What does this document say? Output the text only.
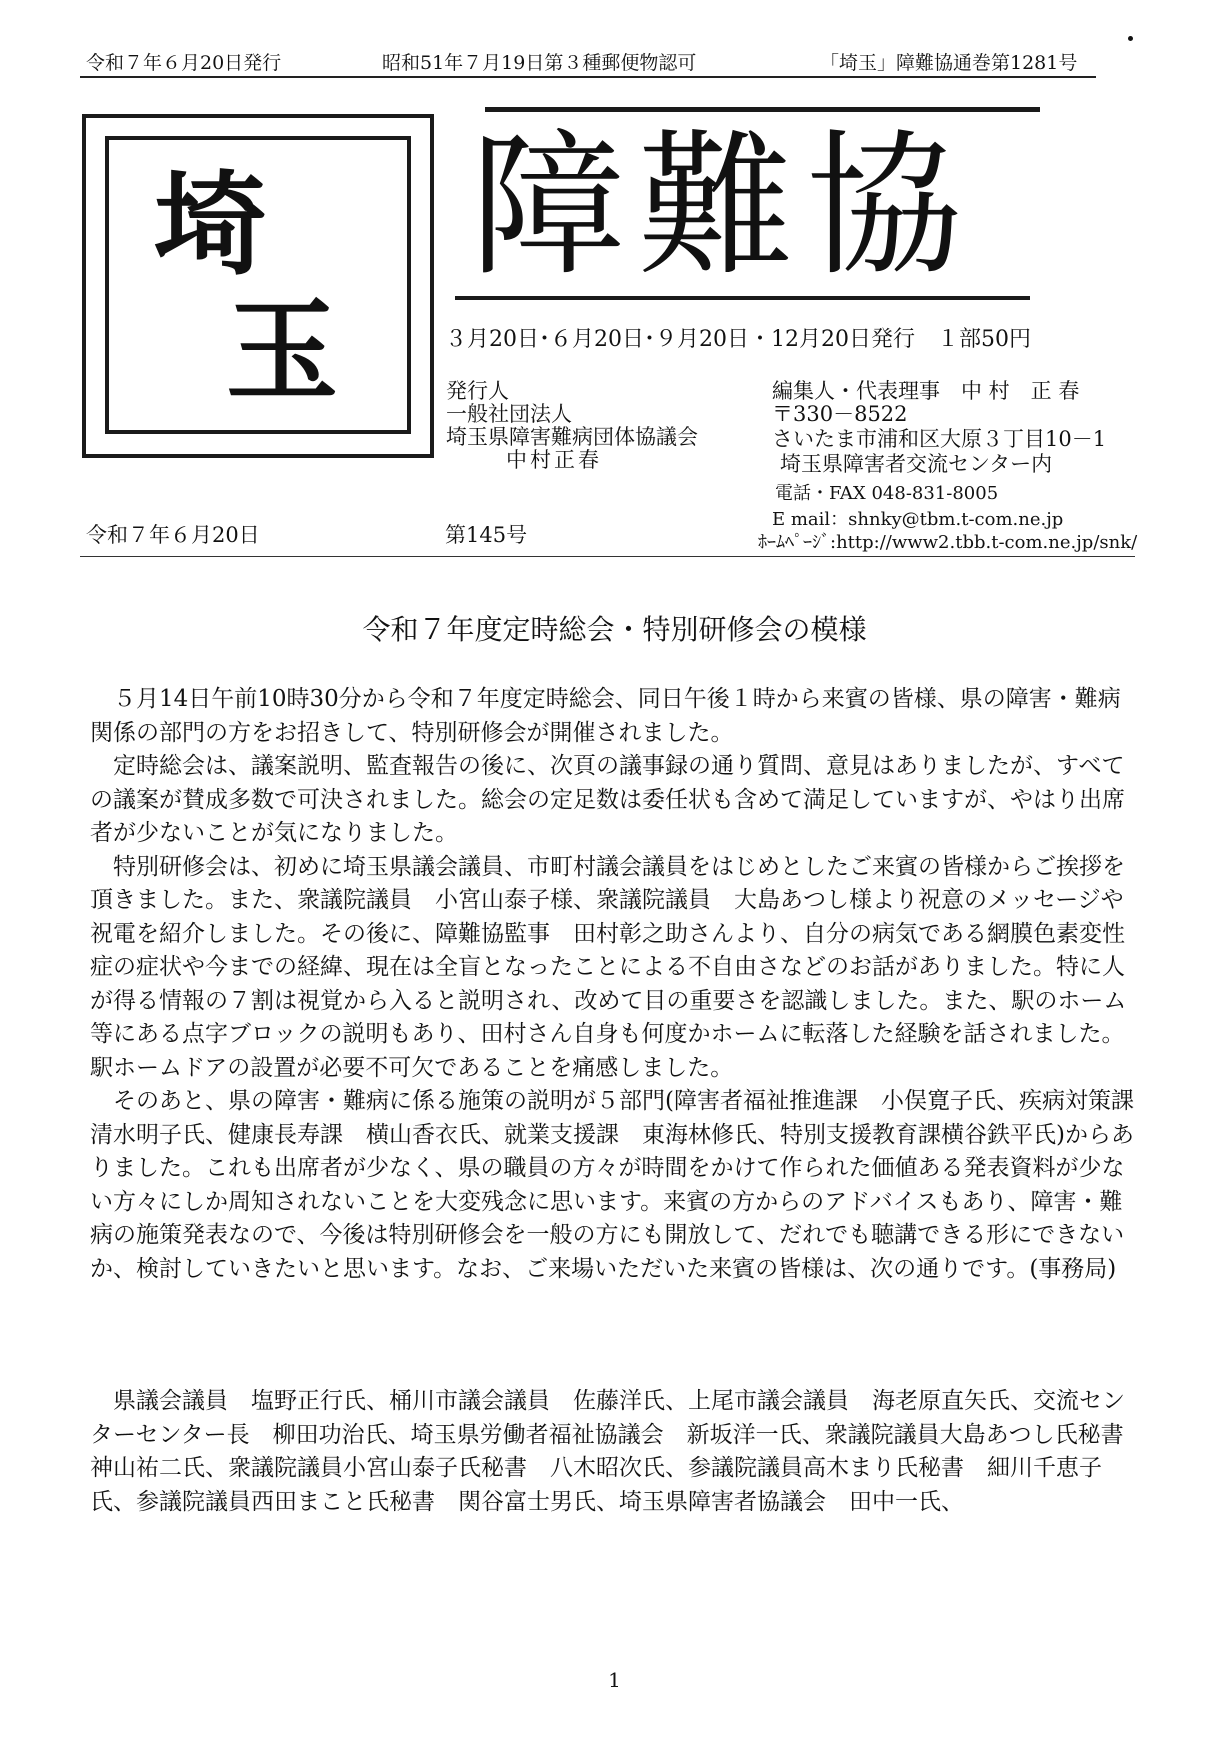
令和７年６月20日発行	昭和51年７月19日第３種郵便物認可	「埼玉」障難協通巻第1281号
埼
玉
障難協
３月20日･６月20日･９月20日・12月20日発行　１部50円
発行人
一般社団法人
埼玉県障害難病団体協議会
中村正春
編集人・代表理事　中 村　正 春
〒330－8522
さいたま市浦和区大原３丁目10－1
埼玉県障害者交流センター内
電話・FAX 048-831-8005
E mail：shnky@tbm.t-com.ne.jp
ﾎｰﾑﾍﾟｰｼﾞ:http://www2.tbb.t-com.ne.jp/snk/
令和７年６月20日	第145号
令和７年度定時総会・特別研修会の模様

５月14日午前10時30分から令和７年度定時総会、同日午後１時から来賓の皆様、県の障害・難病関係の部門の方をお招きして、特別研修会が開催されました。

定時総会は、議案説明、監査報告の後に、次頁の議事録の通り質問、意見はありましたが、すべての議案が賛成多数で可決されました。総会の定足数は委任状も含めて満足していますが、やはり出席者が少ないことが気になりました。

特別研修会は、初めに埼玉県議会議員、市町村議会議員をはじめとしたご来賓の皆様からご挨拶を頂きました。また、衆議院議員　小宮山泰子様、衆議院議員　大島あつし様より祝意のメッセージや祝電を紹介しました。その後に、障難協監事　田村彰之助さんより、自分の病気である網膜色素変性症の症状や今までの経緯、現在は全盲となったことによる不自由さなどのお話がありました。特に人が得る情報の７割は視覚から入ると説明され、改めて目の重要さを認識しました。また、駅のホーム等にある点字ブロックの説明もあり、田村さん自身も何度かホームに転落した経験を話されました。駅ホームドアの設置が必要不可欠であることを痛感しました。

そのあと、県の障害・難病に係る施策の説明が５部門(障害者福祉推進課　小俣寛子氏、疾病対策課　清水明子氏、健康長寿課　横山香衣氏、就業支援課　東海林修氏、特別支援教育課横谷鉄平氏)からありました。これも出席者が少なく、県の職員の方々が時間をかけて作られた価値ある発表資料が少ない方々にしか周知されないことを大変残念に思います。来賓の方からのアドバイスもあり、障害・難病の施策発表なので、今後は特別研修会を一般の方にも開放して、だれでも聴講できる形にできないか、検討していきたいと思います。なお、ご来場いただいた来賓の皆様は、次の通りです。(事務局)

県議会議員　塩野正行氏、桶川市議会議員　佐藤洋氏、上尾市議会議員　海老原直矢氏、交流センターセンター長　柳田功治氏、埼玉県労働者福祉協議会　新坂洋一氏、衆議院議員大島あつし氏秘書　神山祐二氏、衆議院議員小宮山泰子氏秘書　八木昭次氏、参議院議員高木まり氏秘書　細川千恵子氏、参議院議員西田まこと氏秘書　関谷富士男氏、埼玉県障害者協議会　田中一氏、

1
